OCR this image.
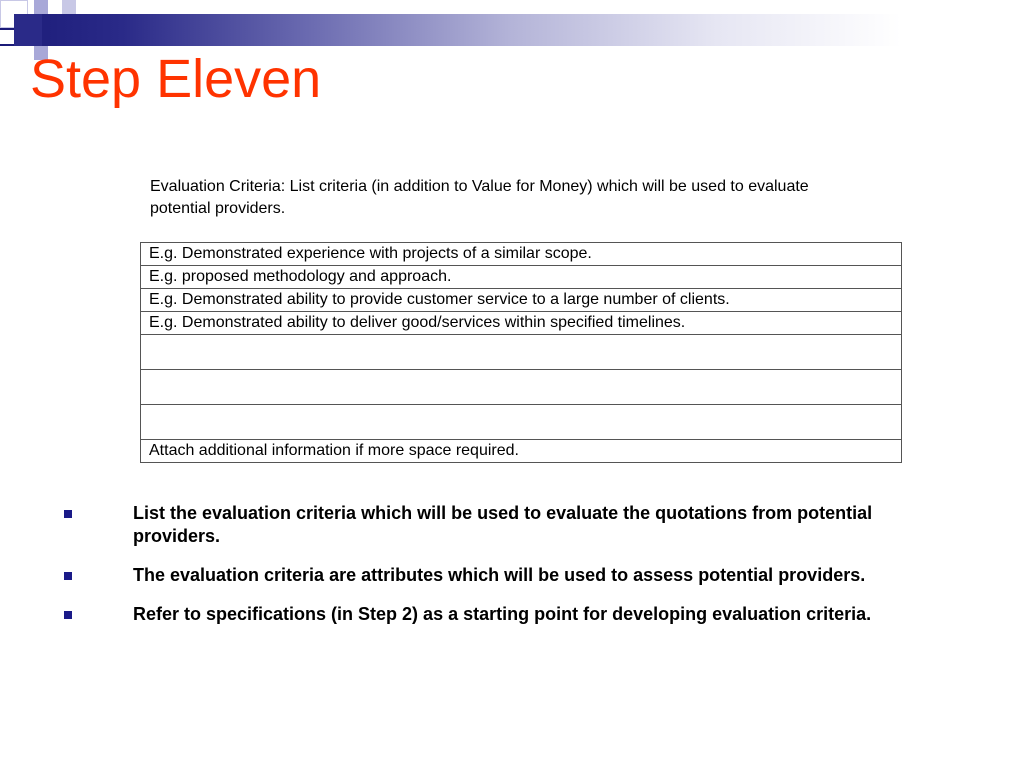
Step Eleven
Evaluation Criteria: List criteria (in addition to Value for Money) which will be used to evaluate potential providers.
E.g. Demonstrated experience with projects of a similar scope.
E.g. proposed methodology and approach.
E.g. Demonstrated ability to provide customer service to a large number of clients.
E.g. Demonstrated ability to deliver good/services within specified timelines.

Attach additional information if more space required.
List the evaluation criteria which will be used to evaluate the quotations from potential providers.
The evaluation criteria are attributes which will be used to assess potential providers.
Refer to specifications (in Step 2) as a starting point for developing evaluation criteria.
